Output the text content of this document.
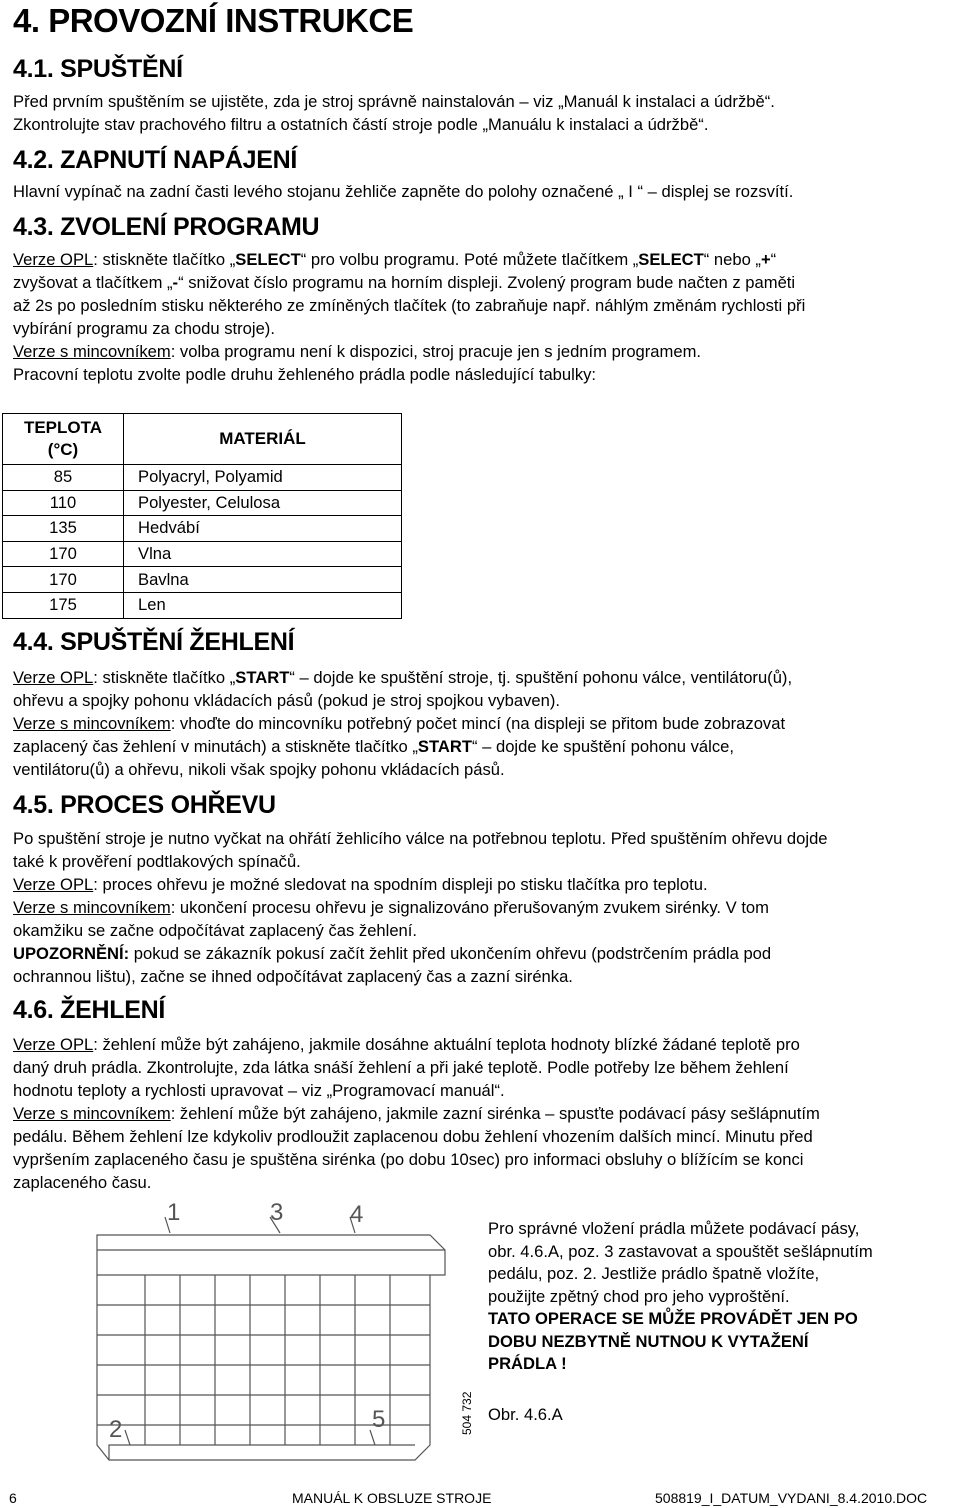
4. PROVOZNÍ INSTRUKCE
4.1. SPUŠTĚNÍ
Před prvním spuštěním se ujistěte, zda je stroj správně nainstalován – viz „Manuál k instalaci a údržbě“.
Zkontrolujte stav prachového filtru a ostatních částí stroje podle „Manuálu k instalaci a údržbě“.
4.2. ZAPNUTÍ NAPÁJENÍ
Hlavní vypínač na zadní časti levého stojanu žehliče zapněte do polohy označené „ I “ – displej se rozsvítí.
4.3. ZVOLENÍ PROGRAMU
Verze OPL: stiskněte tlačítko „SELECT“ pro volbu programu. Poté můžete tlačítkem „SELECT“ nebo „+“
zvyšovat a tlačítkem „-“ snižovat číslo programu na horním displeji. Zvolený program bude načten z paměti
až 2s po posledním stisku některého ze zmíněných tlačítek (to zabraňuje např. náhlým změnám rychlosti při
vybírání programu za chodu stroje).
Verze s mincovníkem: volba programu není k dispozici, stroj pracuje jen s jedním programem.
Pracovní teplotu zvolte podle druhu žehleného prádla podle následující tabulky:
TEPLOTA
(°C)	MATERIÁL
85	Polyacryl, Polyamid
110	Polyester, Celulosa
135	Hedvábí
170	Vlna
170	Bavlna
175	Len
4.4. SPUŠTĚNÍ ŽEHLENÍ
Verze OPL: stiskněte tlačítko „START“ – dojde ke spuštění stroje, tj. spuštění pohonu válce, ventilátoru(ů),
ohřevu a spojky pohonu vkládacích pásů (pokud je stroj spojkou vybaven).
Verze s mincovníkem: vhoďte do mincovníku potřebný počet mincí (na displeji se přitom bude zobrazovat
zaplacený čas žehlení v minutách) a stiskněte tlačítko „START“ – dojde ke spuštění pohonu válce,
ventilátoru(ů) a ohřevu, nikoli však spojky pohonu vkládacích pásů.
4.5. PROCES OHŘEVU
Po spuštění stroje je nutno vyčkat na ohřátí žehlicího válce na potřebnou teplotu. Před spuštěním ohřevu dojde
také k prověření podtlakových spínačů.
Verze OPL: proces ohřevu je možné sledovat na spodním displeji po stisku tlačítka pro teplotu.
Verze s mincovníkem: ukončení procesu ohřevu je signalizováno přerušovaným zvukem sirénky. V tom
okamžiku se začne odpočítávat zaplacený čas žehlení.
UPOZORNĚNÍ: pokud se zákazník pokusí začít žehlit před ukončením ohřevu (podstrčením prádla pod
ochrannou lištu), začne se ihned odpočítávat zaplacený čas a zazní sirénka.
4.6. ŽEHLENÍ
Verze OPL: žehlení může být zahájeno, jakmile dosáhne aktuální teplota hodnoty blízké žádané teplotě pro
daný druh prádla. Zkontrolujte, zda látka snáší žehlení a při jaké teplotě. Podle potřeby lze během žehlení
hodnotu teploty a rychlosti upravovat – viz „Programovací manuál“.
Verze s mincovníkem: žehlení může být zahájeno, jakmile zazní sirénka – spusťte podávací pásy sešlápnutím
pedálu. Během žehlení lze kdykoliv prodloužit zaplacenou dobu žehlení vhozením dalších mincí. Minutu před
vypršením zaplaceného času je spuštěna sirénka (po dobu 10sec) pro informaci obsluhy o blížícím se konci
zaplaceného času.
1	3	4
2	5	504 732
Pro správné vložení prádla můžete podávací pásy,
obr. 4.6.A, poz. 3 zastavovat a spouštět sešlápnutím
pedálu, poz. 2. Jestliže prádlo špatně vložíte,
použijte zpětný chod pro jeho vyproštění.
TATO OPERACE SE MŮŽE PROVÁDĚT JEN PO
DOBU NEZBYTNĚ NUTNOU K VYTAŽENÍ
PRÁDLA !
Obr. 4.6.A
6	MANUÁL K OBSLUZE STROJE	508819_I_DATUM_VYDANI_8.4.2010.DOC
